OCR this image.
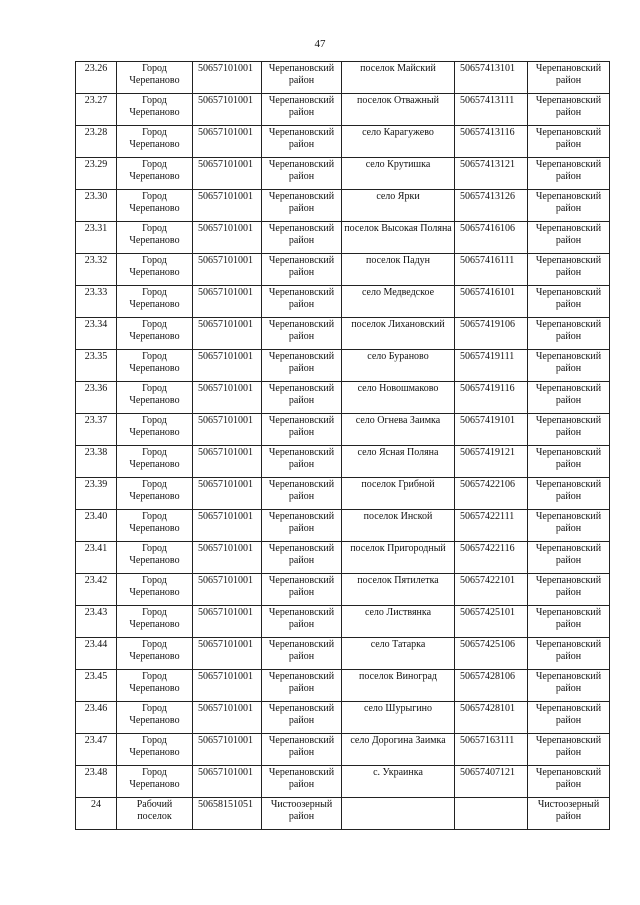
47
23.26	Город Черепаново	50657101001	Черепановский район	поселок Майский	50657413101	Черепановский район
23.27	Город Черепаново	50657101001	Черепановский район	поселок Отважный	50657413111	Черепановский район
23.28	Город Черепаново	50657101001	Черепановский район	село Карагужево	50657413116	Черепановский район
23.29	Город Черепаново	50657101001	Черепановский район	село Крутишка	50657413121	Черепановский район
23.30	Город Черепаново	50657101001	Черепановский район	село Ярки	50657413126	Черепановский район
23.31	Город Черепаново	50657101001	Черепановский район	поселок Высокая Поляна	50657416106	Черепановский район
23.32	Город Черепаново	50657101001	Черепановский район	поселок Падун	50657416111	Черепановский район
23.33	Город Черепаново	50657101001	Черепановский район	село Медведское	50657416101	Черепановский район
23.34	Город Черепаново	50657101001	Черепановский район	поселок Лихановский	50657419106	Черепановский район
23.35	Город Черепаново	50657101001	Черепановский район	село Бураново	50657419111	Черепановский район
23.36	Город Черепаново	50657101001	Черепановский район	село Новошмаково	50657419116	Черепановский район
23.37	Город Черепаново	50657101001	Черепановский район	село Огнева Заимка	50657419101	Черепановский район
23.38	Город Черепаново	50657101001	Черепановский район	село Ясная Поляна	50657419121	Черепановский район
23.39	Город Черепаново	50657101001	Черепановский район	поселок Грибной	50657422106	Черепановский район
23.40	Город Черепаново	50657101001	Черепановский район	поселок Инской	50657422111	Черепановский район
23.41	Город Черепаново	50657101001	Черепановский район	поселок Пригородный	50657422116	Черепановский район
23.42	Город Черепаново	50657101001	Черепановский район	поселок Пятилетка	50657422101	Черепановский район
23.43	Город Черепаново	50657101001	Черепановский район	село Листвянка	50657425101	Черепановский район
23.44	Город Черепаново	50657101001	Черепановский район	село Татарка	50657425106	Черепановский район
23.45	Город Черепаново	50657101001	Черепановский район	поселок Виноград	50657428106	Черепановский район
23.46	Город Черепаново	50657101001	Черепановский район	село Шурыгино	50657428101	Черепановский район
23.47	Город Черепаново	50657101001	Черепановский район	село Дорогина Заимка	50657163111	Черепановский район
23.48	Город Черепаново	50657101001	Черепановский район	с. Украинка	50657407121	Черепановский район
24	Рабочий поселок	50658151051	Чистоозерный район			Чистоозерный район
